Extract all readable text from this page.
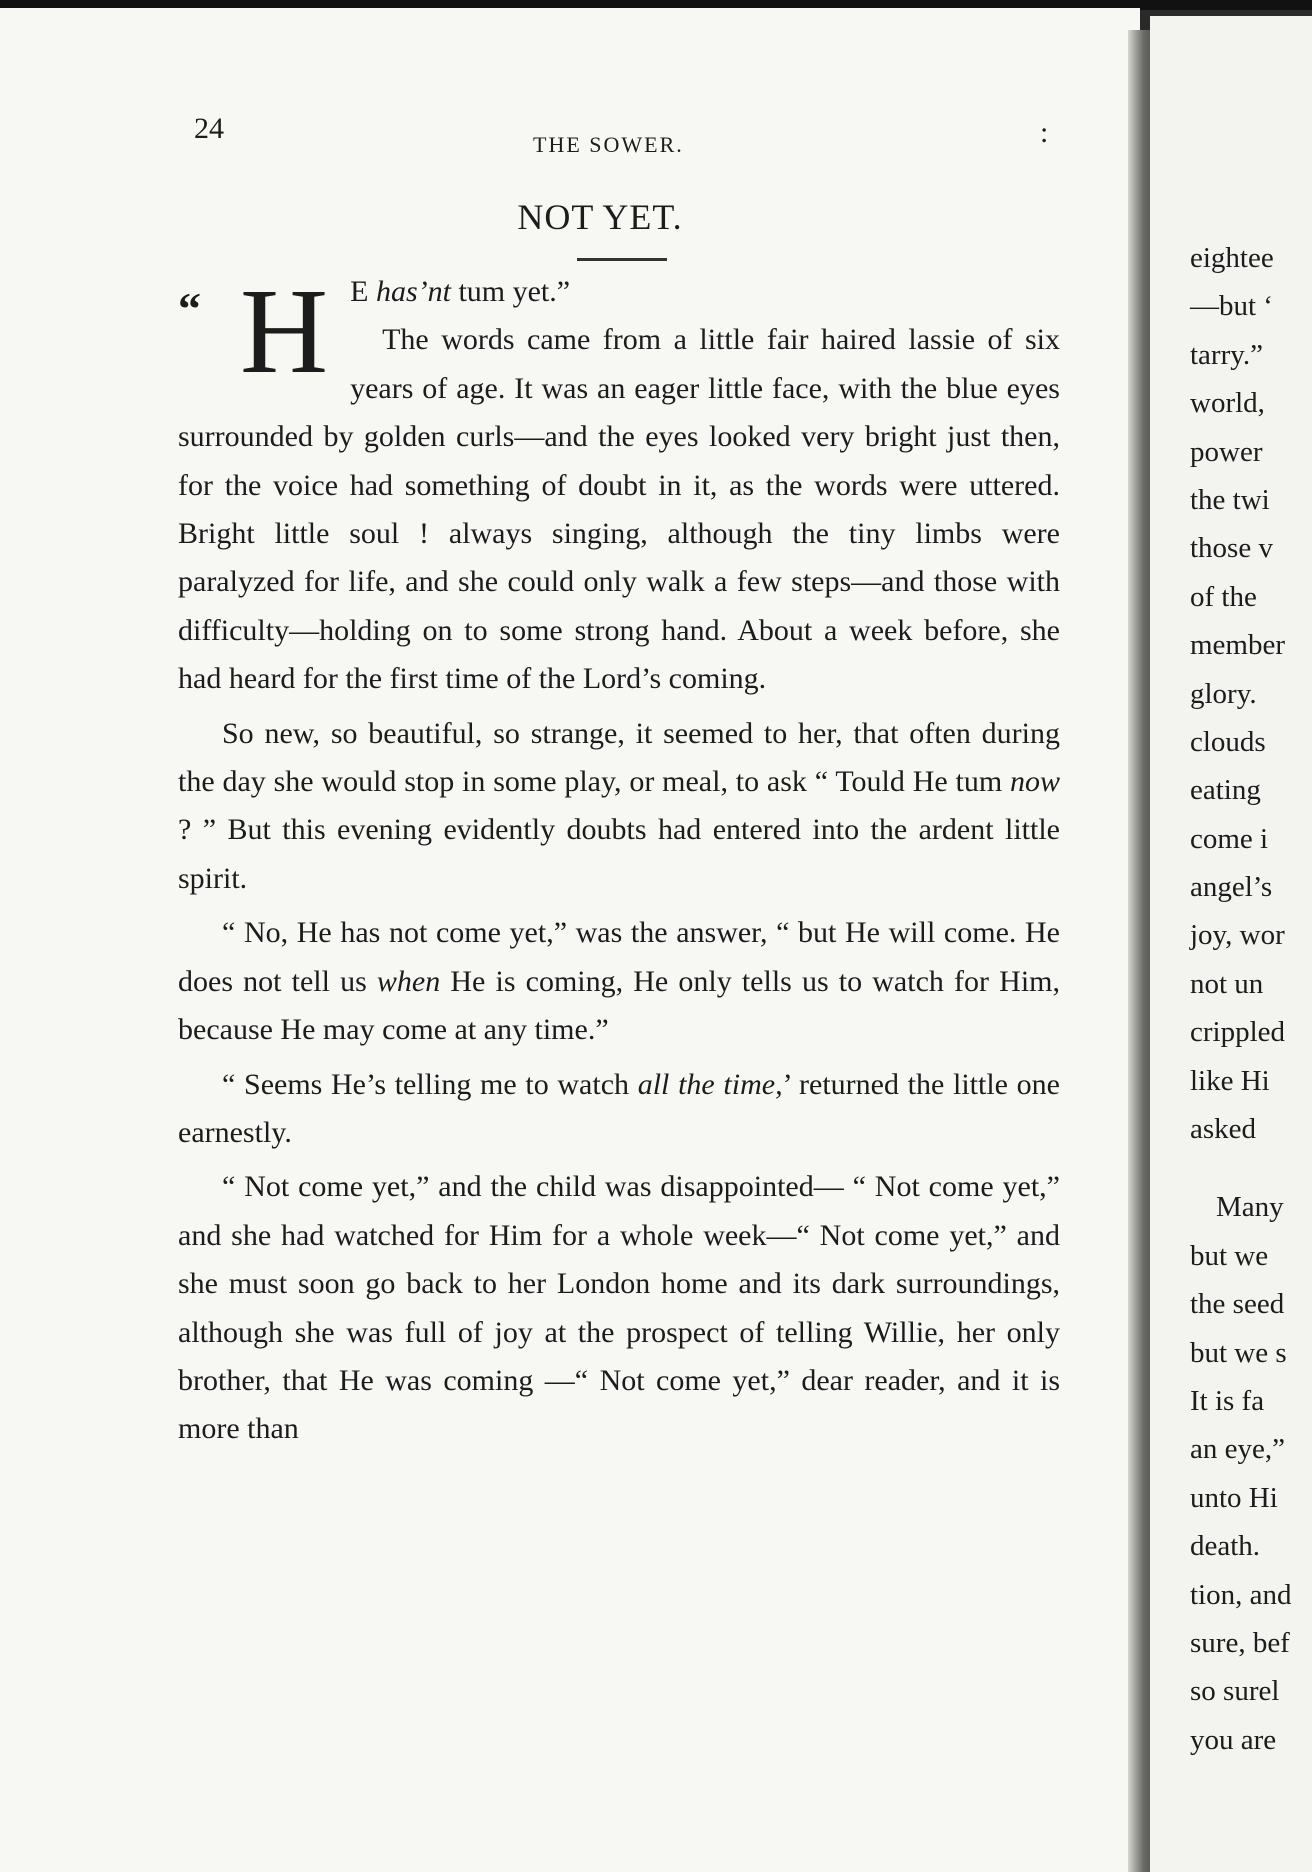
24	THE SOWER.	:
NOT YET.
“ H E has’nt tum yet.”

The words came from a little fair haired lassie of six years of age. It was an eager little face, with the blue eyes surrounded by golden curls—and the eyes looked very bright just then, for the voice had something of doubt in it, as the words were uttered. Bright little soul ! always singing, although the tiny limbs were paralyzed for life, and she could only walk a few steps—and those with difficulty—holding on to some strong hand. About a week before, she had heard for the first time of the Lord’s coming.

So new, so beautiful, so strange, it seemed to her, that often during the day she would stop in some play, or meal, to ask “ Tould He tum now ? ” But this evening evidently doubts had entered into the ardent little spirit.

“ No, He has not come yet,” was the answer, “ but He will come. He does not tell us when He is coming, He only tells us to watch for Him, because He may come at any time.”

“ Seems He’s telling me to watch all the time,’ returned the little one earnestly.

“ Not come yet,” and the child was disappointed— “ Not come yet,” and she had watched for Him for a whole week—“ Not come yet,” and she must soon go back to her London home and its dark surroundings, although she was full of joy at the prospect of telling Willie, her only brother, that He was coming —“ Not come yet,” dear reader, and it is more than

eightee
—but ‘
tarry.”
world,
power
the twi
those v
of the
member
glory.
clouds
eating
come i
angel’s
joy, wor
not un
crippled
like Hi
asked
Many
but we
the seed
but we s
It is fa
an eye,”
unto Hi
death.
tion, and
sure, bef
so surel
you are
